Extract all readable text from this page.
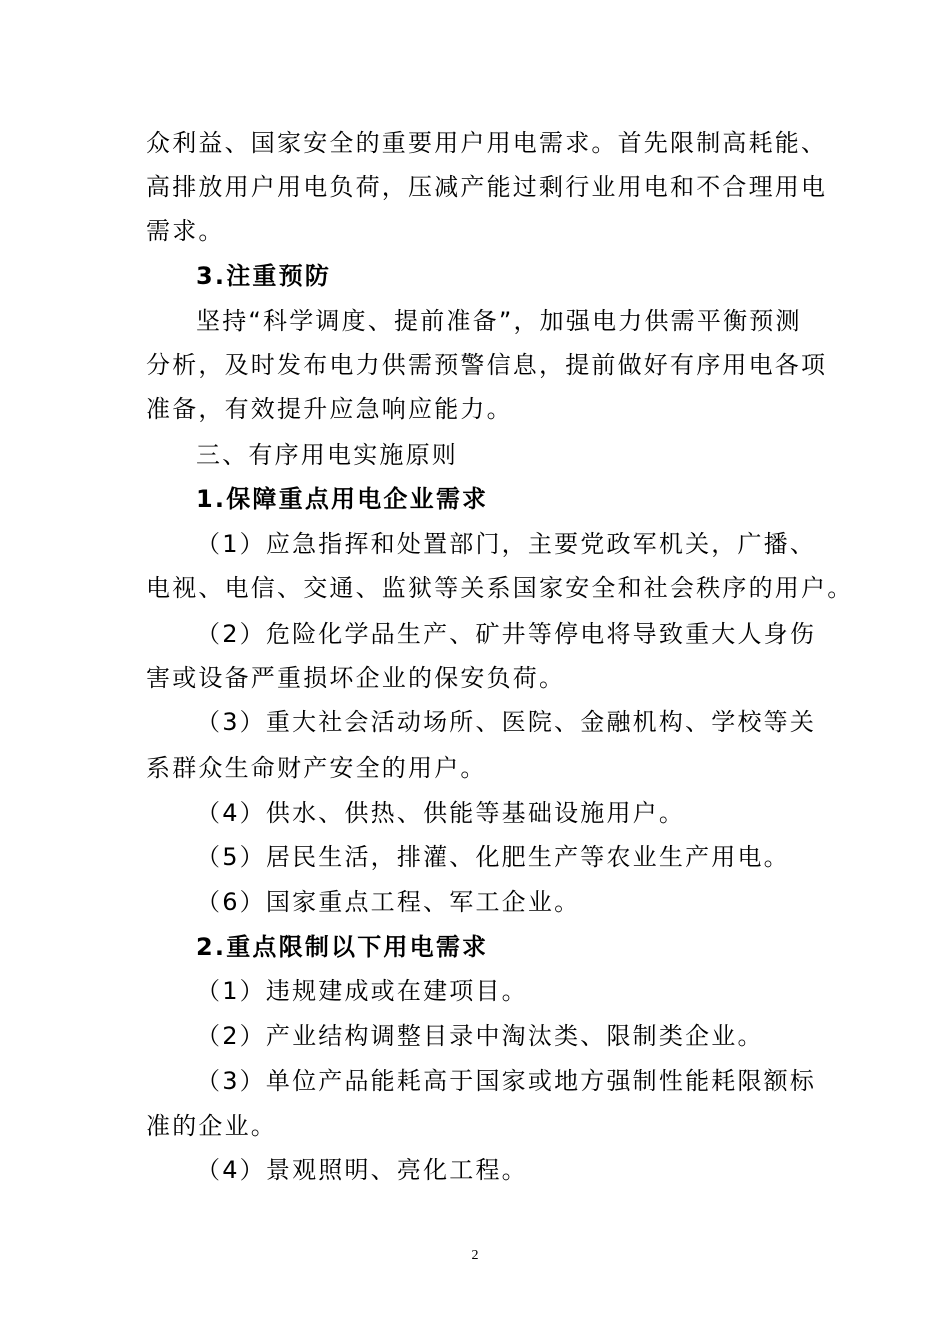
众利益、国家安全的重要用户用电需求。首先限制高耗能、
高排放用户用电负荷，压减产能过剩行业用电和不合理用电
需求。
3.注重预防
坚持“科学调度、提前准备”，加强电力供需平衡预测
分析，及时发布电力供需预警信息，提前做好有序用电各项
准备，有效提升应急响应能力。
三、有序用电实施原则
1.保障重点用电企业需求
（1）应急指挥和处置部门，主要党政军机关，广播、
电视、电信、交通、监狱等关系国家安全和社会秩序的用户。
（2）危险化学品生产、矿井等停电将导致重大人身伤
害或设备严重损坏企业的保安负荷。
（3）重大社会活动场所、医院、金融机构、学校等关
系群众生命财产安全的用户。
（4）供水、供热、供能等基础设施用户。
（5）居民生活，排灌、化肥生产等农业生产用电。
（6）国家重点工程、军工企业。
2.重点限制以下用电需求
（1）违规建成或在建项目。
（2）产业结构调整目录中淘汰类、限制类企业。
（3）单位产品能耗高于国家或地方强制性能耗限额标
准的企业。
（4）景观照明、亮化工程。
2
